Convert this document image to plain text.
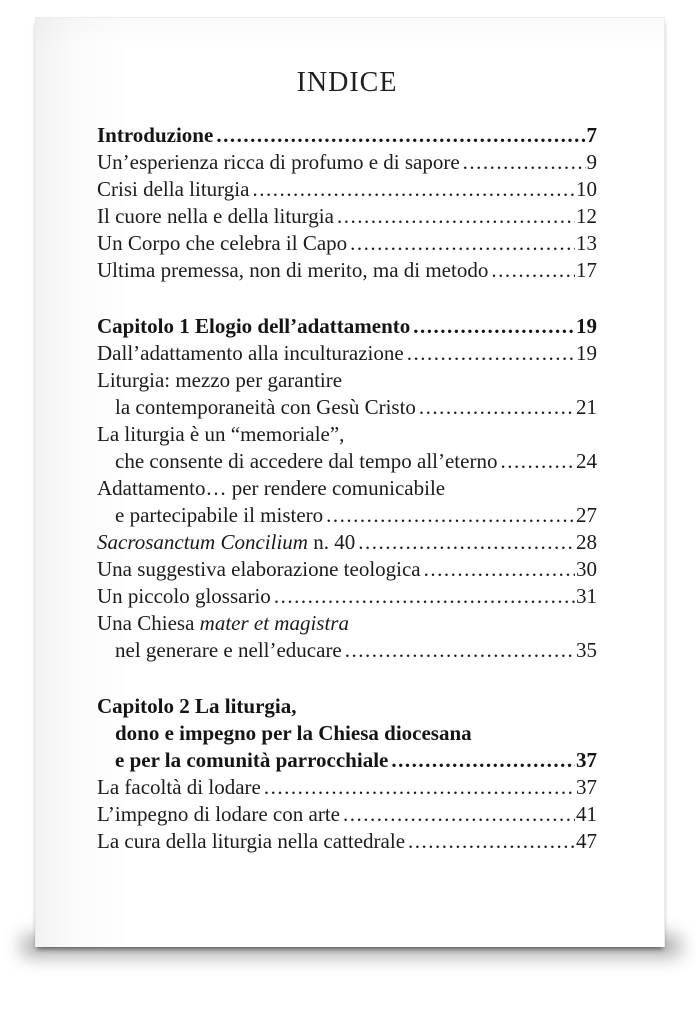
INDICE
Introduzione .....	7
Un’esperienza ricca di profumo e di sapore .....	9
Crisi della liturgia .....	10
Il cuore nella e della liturgia .....	12
Un Corpo che celebra il Capo .....	13
Ultima premessa, non di merito, ma di metodo .....	17
Capitolo 1 Elogio dell’adattamento .....	19
Dall’adattamento alla inculturazione .....	19
Liturgia: mezzo per garantire
la contemporaneità con Gesù Cristo .....	21
La liturgia è un “memoriale”,
che consente di accedere dal tempo all’eterno .....	24
Adattamento… per rendere comunicabile
e partecipabile il mistero .....	27
Sacrosanctum Concilium n. 40 .....	28
Una suggestiva elaborazione teologica .....	30
Un piccolo glossario .....	31
Una Chiesa mater et magistra
nel generare e nell’educare .....	35
Capitolo 2 La liturgia,
dono e impegno per la Chiesa diocesana
e per la comunità parrocchiale .....	37
La facoltà di lodare .....	37
L’impegno di lodare con arte .....	41
La cura della liturgia nella cattedrale .....	47
